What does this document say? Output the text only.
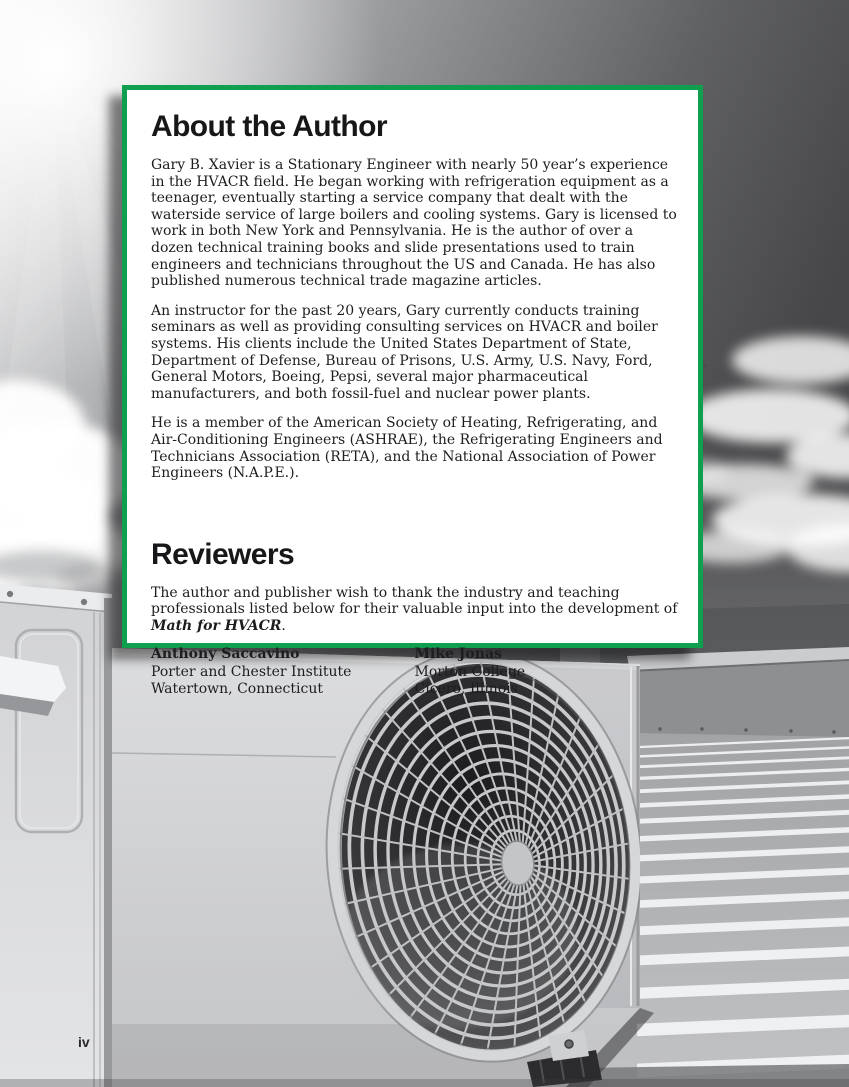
About the Author

Gary B. Xavier is a Stationary Engineer with nearly 50 year’s experience in the HVACR field. He began working with refrigeration equipment as a teenager, eventually starting a service company that dealt with the waterside service of large boilers and cooling systems. Gary is licensed to work in both New York and Pennsylvania. He is the author of over a dozen technical training books and slide presentations used to train engineers and technicians throughout the US and Canada. He has also published numerous technical trade magazine articles.

An instructor for the past 20 years, Gary currently conducts training seminars as well as providing consulting services on HVACR and boiler systems. His clients include the United States Department of State, Department of Defense, Bureau of Prisons, U.S. Army, U.S. Navy, Ford, General Motors, Boeing, Pepsi, several major pharmaceutical manufacturers, and both fossil-fuel and nuclear power plants.

He is a member of the American Society of Heating, Refrigerating, and Air-Conditioning Engineers (ASHRAE), the Refrigerating Engineers and Technicians Association (RETA), and the National Association of Power Engineers (N.A.P.E.).

Reviewers

The author and publisher wish to thank the industry and teaching professionals listed below for their valuable input into the development of Math for HVACR.

Anthony Saccavino

Porter and Chester Institute

Watertown, Connecticut

Mike Jonas

Morton College

Cicero, Illinois

iv
